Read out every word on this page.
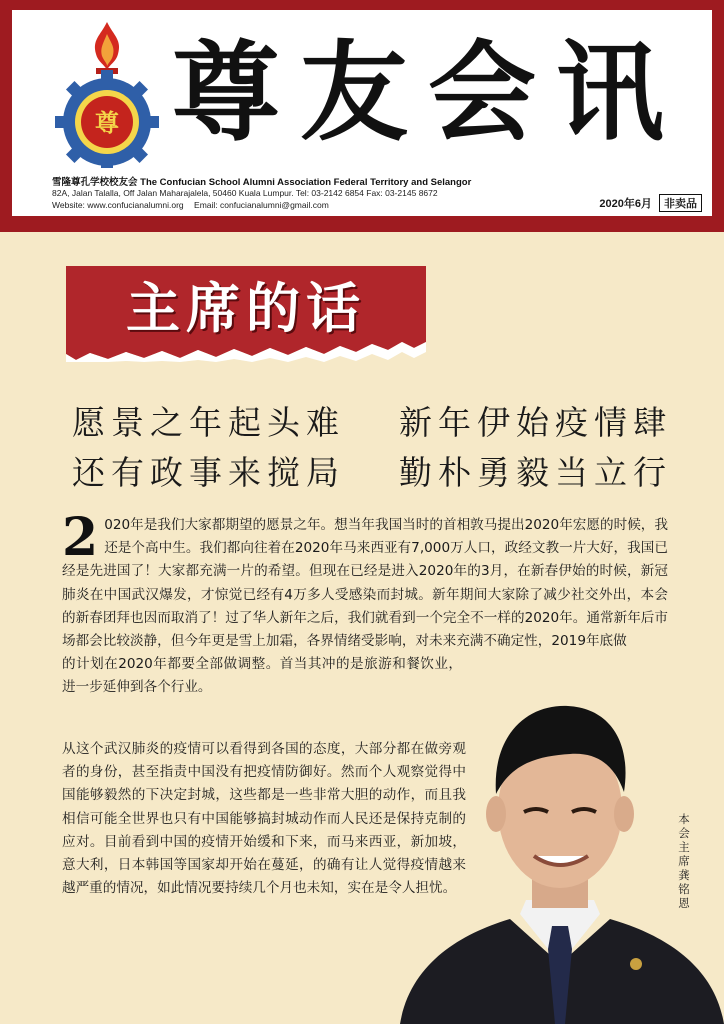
尊 尊友会讯
雪隆尊孔学校校友会 The Confucian School Alumni Association Federal Territory and Selangor
82A, Jalan Talalla, Off Jalan Maharajalela, 50460 Kuala Lumpur. Tel: 03-2142 6854 Fax: 03-2145 8672
Website: www.confucianalumni.org Email: confucianalumni@gmail.com	2020年6月 非卖品
主席的话
愿景之年起头难 新年伊始疫情肆
还有政事来搅局 勤朴勇毅当立行

2 020年是我们大家都期望的愿景之年。想当年我国当时的首相敦马提出2020年宏愿的时候，我还是个高中生。我们都向往着在2020年马来西亚有7,000万人口，政经文教一片大好，我国已经是先进国了！大家都充满一片的希望。但现在已经是进入2020年的3月，在新春伊始的时候，新冠肺炎在中国武汉爆发，才惊觉已经有4万多人受感染而封城。新年期间大家除了减少社交外出，本会的新春团拜也因而取消了！过了华人新年之后，我们就看到一个完全不一样的2020年。通常新年后市场都会比较淡静，但今年更是雪上加霜，各界情绪受影响，对未来充满不确定性，2019年底做

的计划在2020年都要全部做调整。首当其冲的是旅游和餐饮业，进一步延伸到各个行业。

从这个武汉肺炎的疫情可以看得到各国的态度，大部分都在做旁观者的身份，甚至指责中国没有把疫情防御好。然而个人观察觉得中国能够毅然的下决定封城，这些都是一些非常大胆的动作，而且我相信可能全世界也只有中国能够搞封城动作而人民还是保持克制的应对。目前看到中国的疫情开始缓和下来，而马来西亚，新加坡，意大利，日本韩国等国家却开始在蔓延，的确有让人觉得疫情越来越严重的情况，如此情况要持续几个月也未知，实在是令人担忧。

本会主席龚铭恩
